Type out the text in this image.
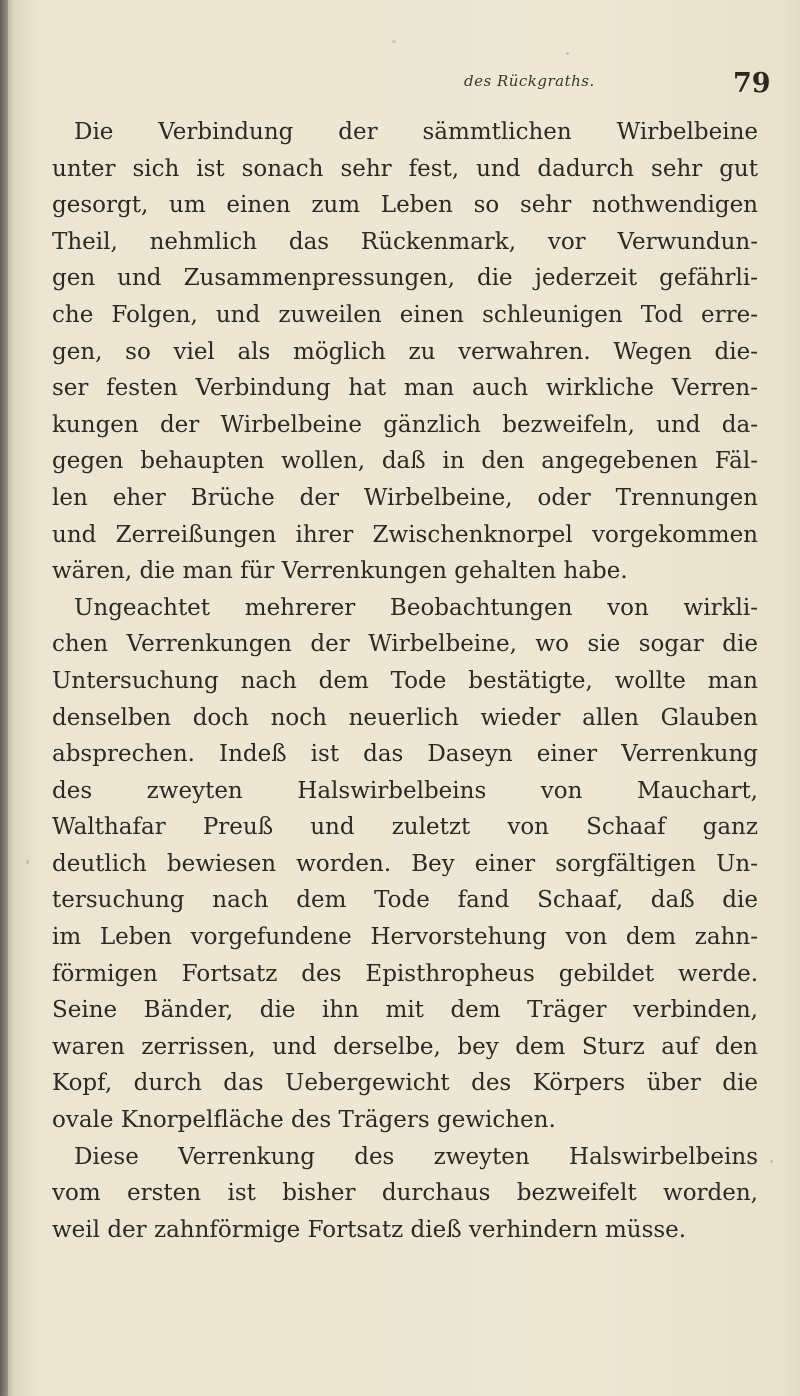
des Rückgraths.	79
Die Verbindung der sämmtlichen Wirbelbeine
unter sich ist sonach sehr fest, und dadurch sehr gut
gesorgt, um einen zum Leben so sehr nothwendigen
Theil, nehmlich das Rückenmark, vor Verwundun-
gen und Zusammenpressungen, die jederzeit gefährli-
che Folgen, und zuweilen einen schleunigen Tod erre-
gen, so viel als möglich zu verwahren. Wegen die-
ser festen Verbindung hat man auch wirkliche Verren-
kungen der Wirbelbeine gänzlich bezweifeln, und da-
gegen behaupten wollen, daß in den angegebenen Fäl-
len eher Brüche der Wirbelbeine, oder Trennungen
und Zerreißungen ihrer Zwischenknorpel vorgekommen
wären, die man für Verrenkungen gehalten habe.
Ungeachtet mehrerer Beobachtungen von wirkli-
chen Verrenkungen der Wirbelbeine, wo sie sogar die
Untersuchung nach dem Tode bestätigte, wollte man
denselben doch noch neuerlich wieder allen Glauben
absprechen. Indeß ist das Daseyn einer Verrenkung
des zweyten Halswirbelbeins von Mauchart,
Walthafar Preuß und zuletzt von Schaaf ganz
deutlich bewiesen worden. Bey einer sorgfältigen Un-
tersuchung nach dem Tode fand Schaaf, daß die
im Leben vorgefundene Hervorstehung von dem zahn-
förmigen Fortsatz des Episthropheus gebildet werde.
Seine Bänder, die ihn mit dem Träger verbinden,
waren zerrissen, und derselbe, bey dem Sturz auf den
Kopf, durch das Uebergewicht des Körpers über die
ovale Knorpelfläche des Trägers gewichen.
Diese Verrenkung des zweyten Halswirbelbeins
vom ersten ist bisher durchaus bezweifelt worden,
weil der zahnförmige Fortsatz dieß verhindern müsse.
